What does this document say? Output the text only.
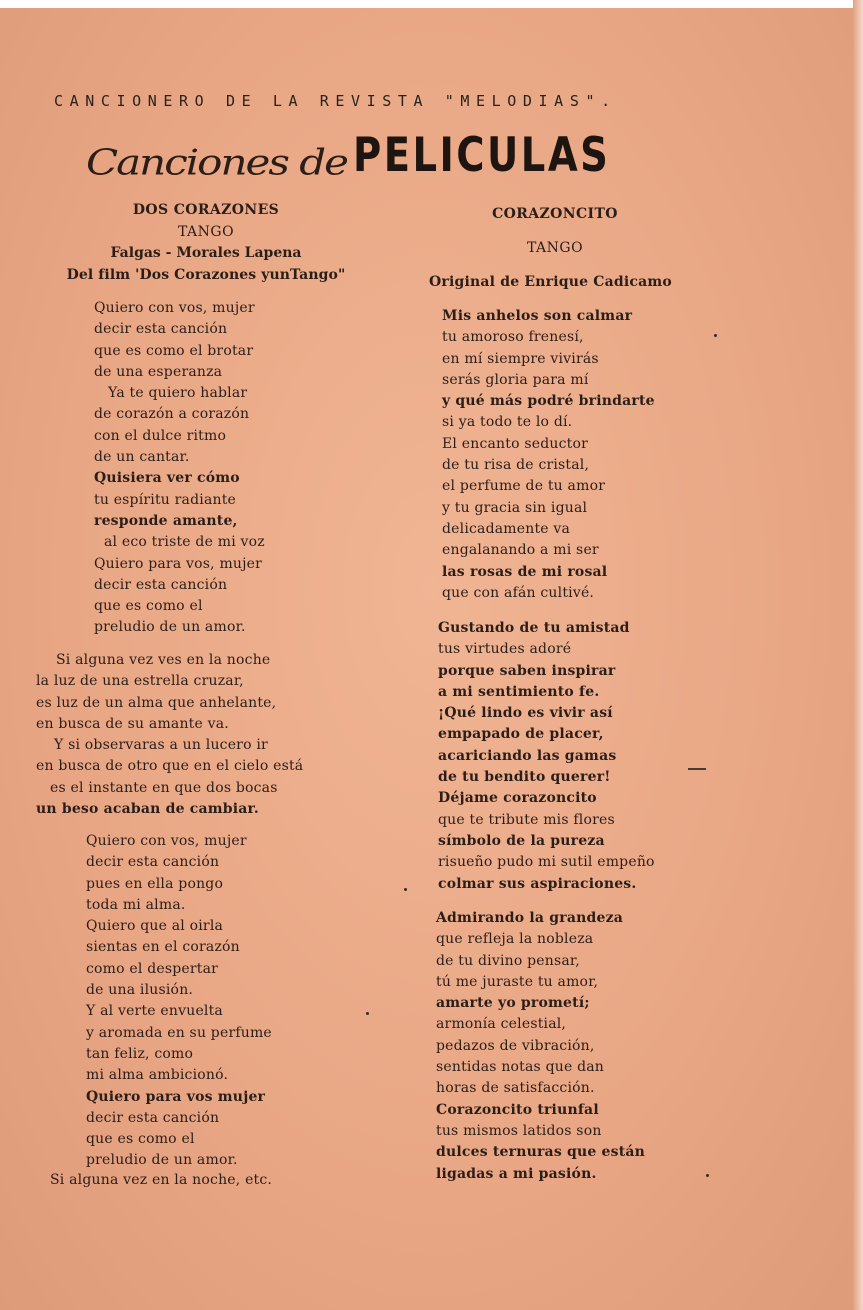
CANCIONERO DE LA REVISTA "MELODIAS".
Canciones de PELICULAS
DOS CORAZONES
TANGO
Falgas - Morales Lapena
Del film 'Dos Corazones yunTango"
Quiero con vos, mujer
decir esta canción
que es como el brotar
de una esperanza
Ya te quiero hablar
de corazón a corazón
con el dulce ritmo
de un cantar.
Quisiera ver cómo
tu espíritu radiante
responde amante,
al eco triste de mi voz
Quiero para vos, mujer
decir esta canción
que es como el
preludio de un amor.
Si alguna vez ves en la noche
la luz de una estrella cruzar,
es luz de un alma que anhelante,
en busca de su amante va.
Y si observaras a un lucero ir
en busca de otro que en el cielo está
es el instante en que dos bocas
un beso acaban de cambiar.
Quiero con vos, mujer
decir esta canción
pues en ella pongo
toda mi alma.
Quiero que al oirla
sientas en el corazón
como el despertar
de una ilusión.
Y al verte envuelta
y aromada en su perfume
tan feliz, como
mi alma ambicionó.
Quiero para vos mujer
decir esta canción
que es como el
preludio de un amor.
Si alguna vez en la noche, etc.
CORAZONCITO
TANGO
Original de Enrique Cadicamo
Mis anhelos son calmar
tu amoroso frenesí,
en mí siempre vivirás
serás gloria para mí
y qué más podré brindarte
si ya todo te lo dí.
El encanto seductor
de tu risa de cristal,
el perfume de tu amor
y tu gracia sin igual
delicadamente va
engalanando a mi ser
las rosas de mi rosal
que con afán cultivé.
Gustando de tu amistad
tus virtudes adoré
porque saben inspirar
a mi sentimiento fe.
¡Qué lindo es vivir así
empapado de placer,
acariciando las gamas
de tu bendito querer!
Déjame corazoncito
que te tribute mis flores
símbolo de la pureza
risueño pudo mi sutil empeño
colmar sus aspiraciones.
Admirando la grandeza
que refleja la nobleza
de tu divino pensar,
tú me juraste tu amor,
amarte yo prometí;
armonía celestial,
pedazos de vibración,
sentidas notas que dan
horas de satisfacción.
Corazoncito triunfal
tus mismos latidos son
dulces ternuras que están
ligadas a mi pasión.
